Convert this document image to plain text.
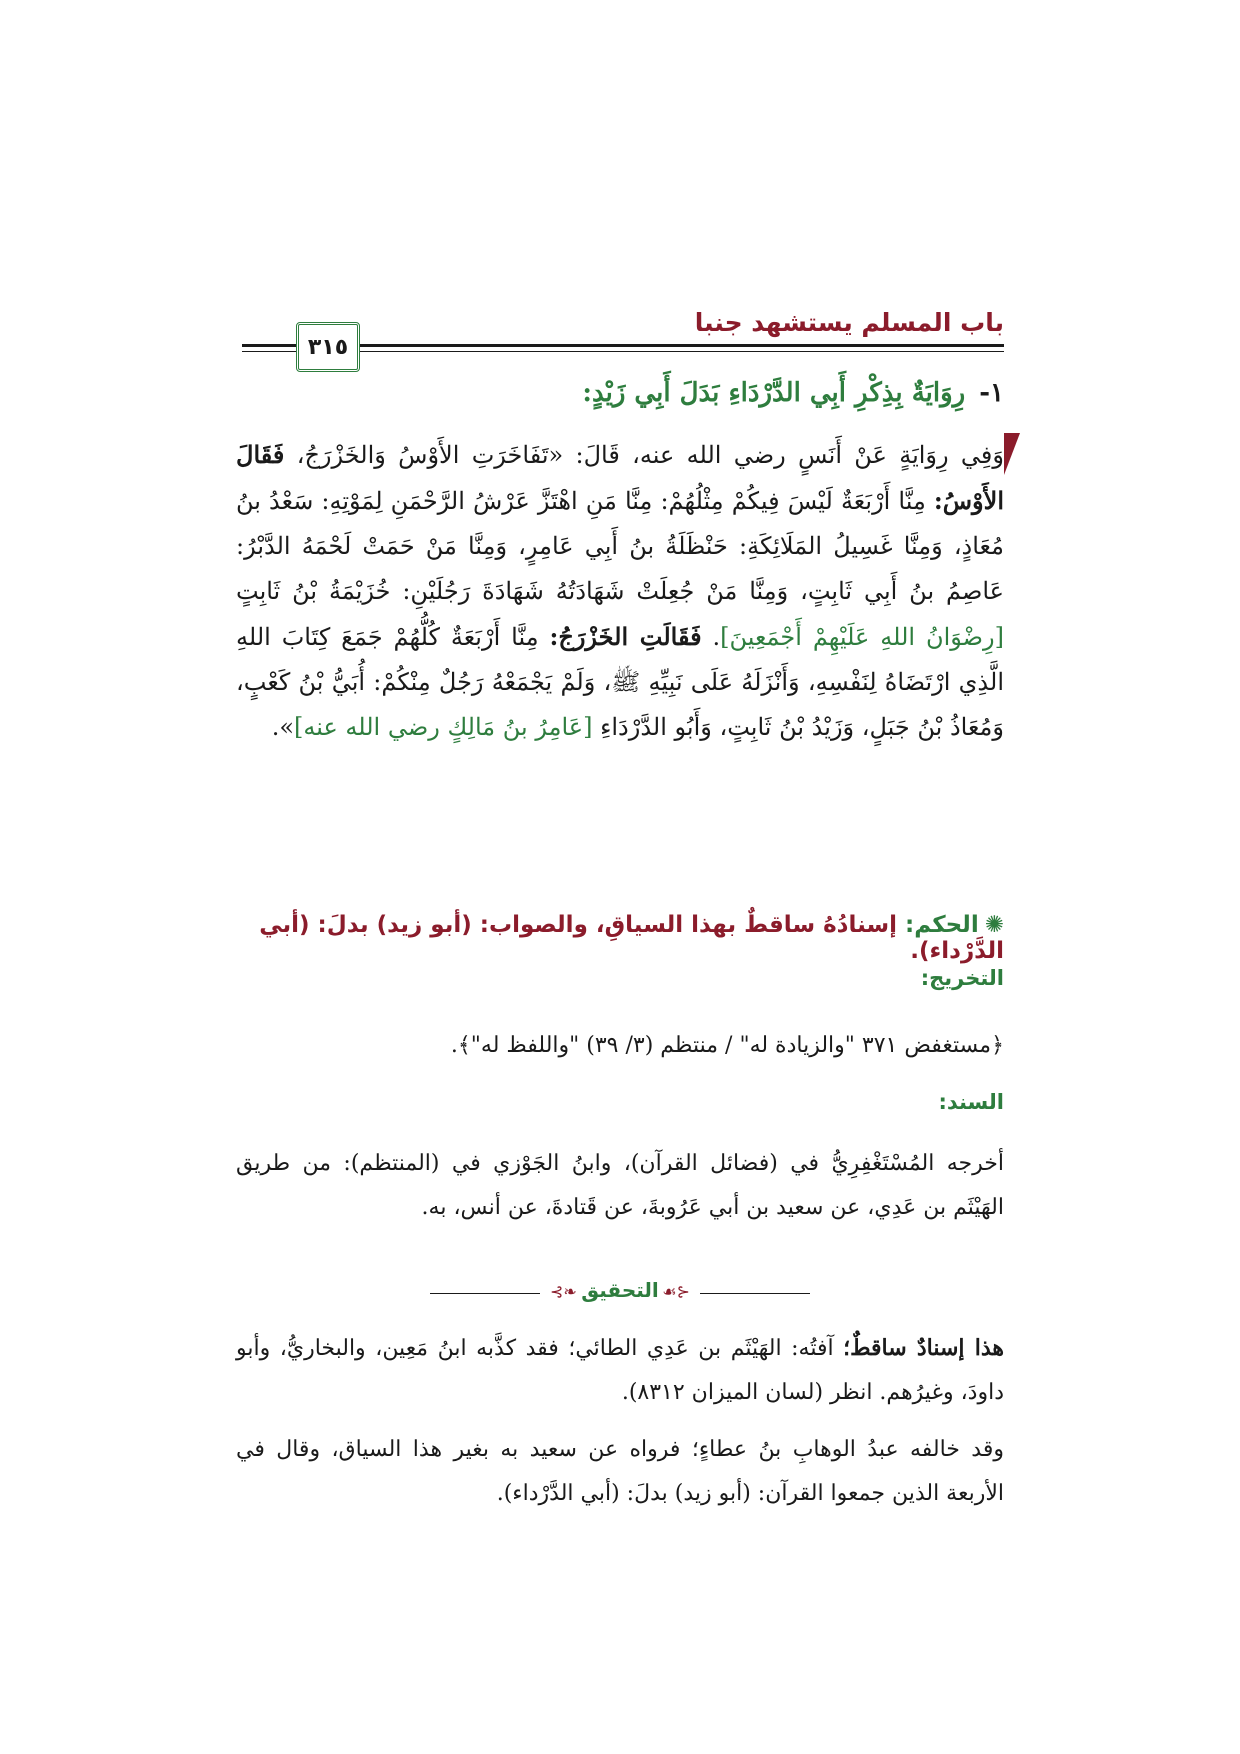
باب المسلم يستشهد جنبا
٣١٥
١-رِوَايَةٌ بِذِكْرِ أَبِي الدَّرْدَاءِ بَدَلَ أَبِي زَيْدٍ:
وَفِي رِوَايَةٍ عَنْ أَنَسٍ رضي الله عنه، قَالَ: «تَفَاخَرَتِ الأَوْسُ وَالخَزْرَجُ، فَقَالَ الأَوْسُ: مِنَّا أَرْبَعَةٌ لَيْسَ فِيكُمْ مِثْلُهُمْ: مِنَّا مَنِ اهْتَزَّ عَرْشُ الرَّحْمَنِ لِمَوْتِهِ: سَعْدُ بنُ مُعَاذٍ، وَمِنَّا غَسِيلُ المَلَائِكَةِ: حَنْظَلَةُ بنُ أَبِي عَامِرٍ، وَمِنَّا مَنْ حَمَتْ لَحْمَهُ الدَّبْرُ: عَاصِمُ بنُ أَبِي ثَابِتٍ، وَمِنَّا مَنْ جُعِلَتْ شَهَادَتُهُ شَهَادَةَ رَجُلَيْنِ: خُزَيْمَةُ بْنُ ثَابِتٍ [رِضْوَانُ اللهِ عَلَيْهِمْ أَجْمَعِينَ]. فَقَالَتِ الخَزْرَجُ: مِنَّا أَرْبَعَةٌ كُلُّهُمْ جَمَعَ كِتَابَ اللهِ الَّذِي ارْتَضَاهُ لِنَفْسِهِ، وَأَنْزَلَهُ عَلَى نَبِيِّهِ ﷺ، وَلَمْ يَجْمَعْهُ رَجُلٌ مِنْكُمْ: أُبَيُّ بْنُ كَعْبٍ، وَمُعَاذُ بْنُ جَبَلٍ، وَزَيْدُ بْنُ ثَابِتٍ، وَأَبُو الدَّرْدَاءِ [عَامِرُ بنُ مَالِكٍ رضي الله عنه]».
✺الحكم: إسنادُهُ ساقطٌ بهذا السياقِ، والصواب: (أبو زيد) بدلَ: (أبي الدَّرْداء).
التخريج:
﴿مستغفض ٣٧١ "والزيادة له" / منتظم (٣/ ٣٩) "واللفظ له"﴾.
السند:
أخرجه المُسْتَغْفِرِيُّ في (فضائل القرآن)، وابنُ الجَوْزي في (المنتظم): من طريق الهَيْثَم بن عَدِي، عن سعيد بن أبي عَرُوبةَ، عن قَتادةَ، عن أنس، به.
⊰❧	☙⊱
التحقيق
هذا إسنادٌ ساقطٌ؛ آفتُه: الهَيْثَم بن عَدِي الطائي؛ فقد كذَّبه ابنُ مَعِين، والبخاريُّ، وأبو داودَ، وغيرُهم. انظر (لسان الميزان ٨٣١٢).
وقد خالفه عبدُ الوهابِ بنُ عطاءٍ؛ فرواه عن سعيد به بغير هذا السياق، وقال في الأربعة الذين جمعوا القرآن: (أبو زيد) بدلَ: (أبي الدَّرْداء).
